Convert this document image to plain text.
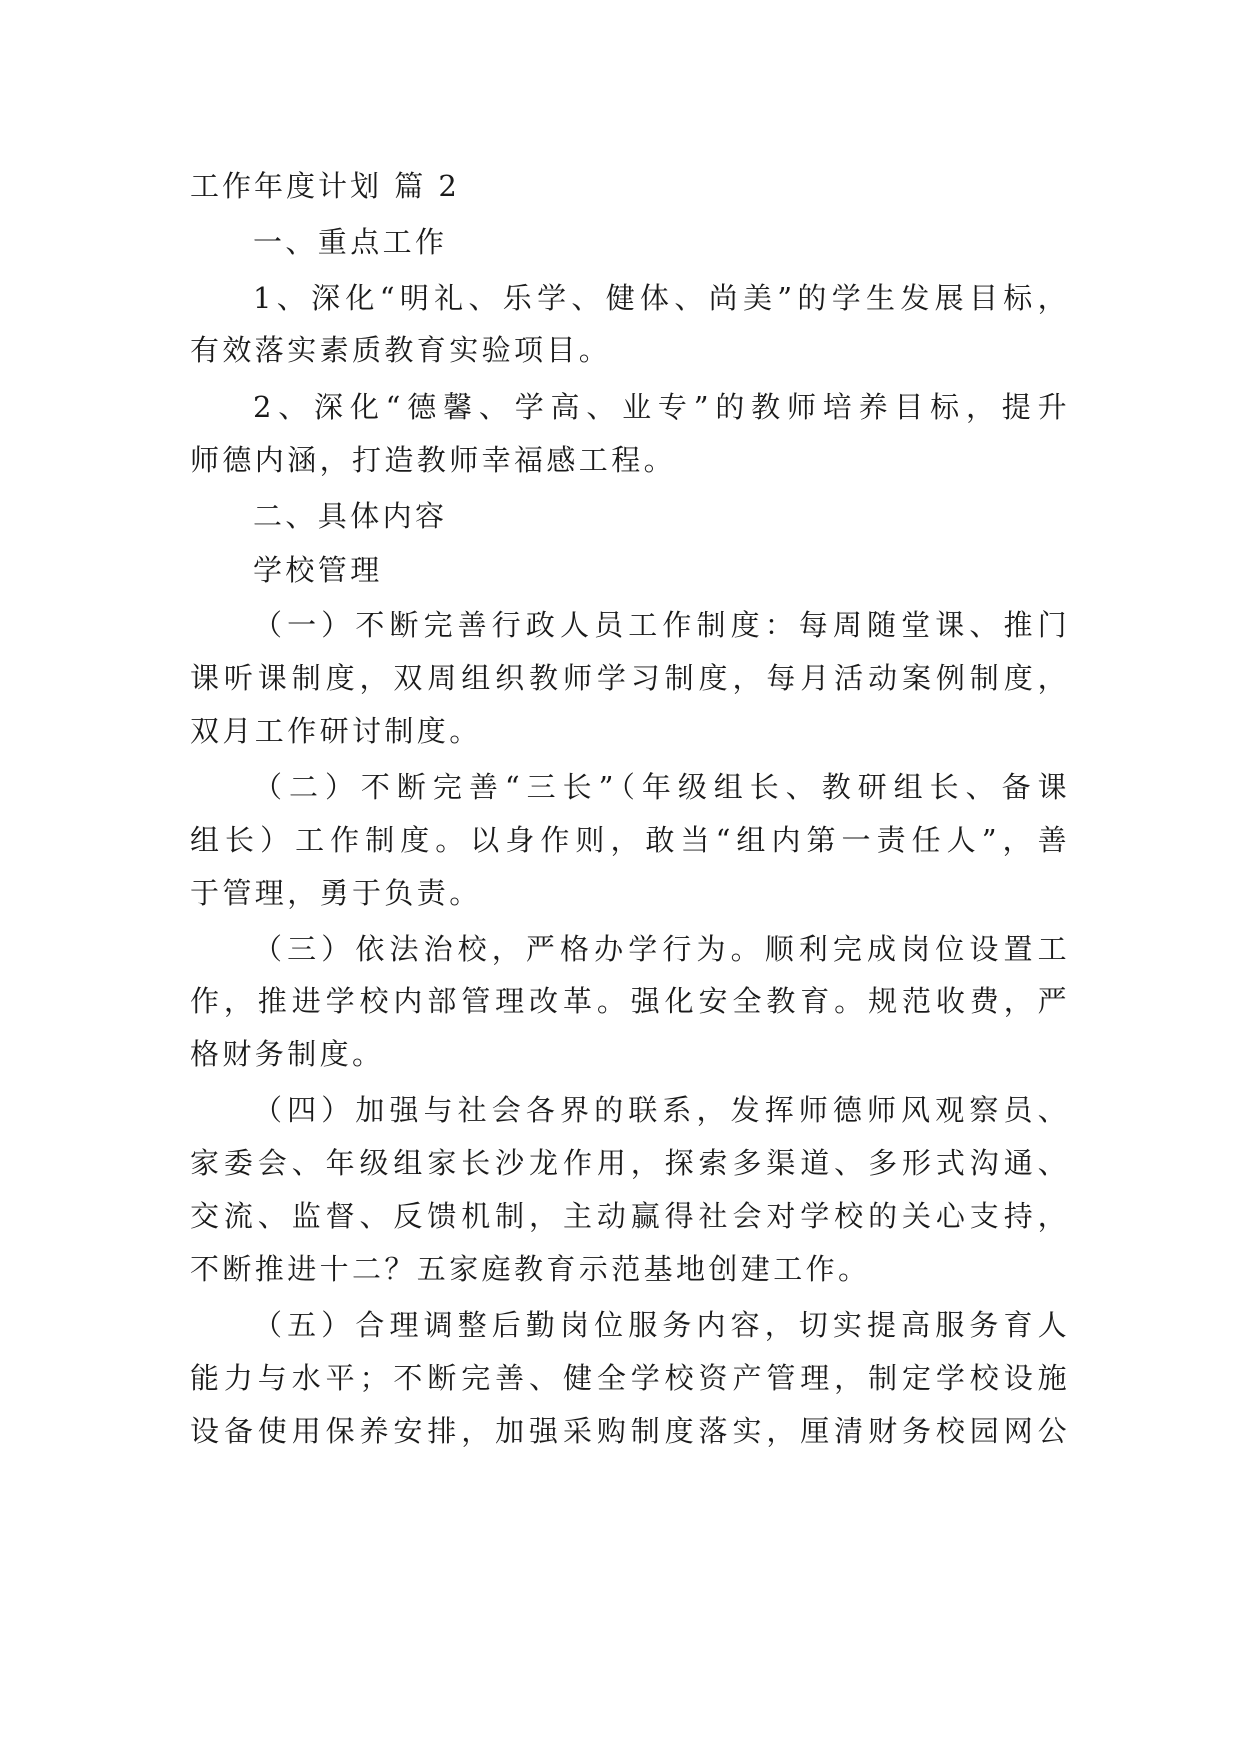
工作年度计划 篇 2
一、重点工作
1、深化“明礼、乐学、健体、尚美”的学生发展目标，
有效落实素质教育实验项目。
2、深化“德馨、学高、业专”的教师培养目标，提升
师德内涵，打造教师幸福感工程。
二、具体内容
学校管理
（一）不断完善行政人员工作制度：每周随堂课、推门
课听课制度，双周组织教师学习制度，每月活动案例制度，
双月工作研讨制度。
（二）不断完善“三长”（年级组长、教研组长、备课
组长）工作制度。以身作则，敢当“组内第一责任人”，善
于管理，勇于负责。
（三）依法治校，严格办学行为。顺利完成岗位设置工
作，推进学校内部管理改革。强化安全教育。规范收费，严
格财务制度。
（四）加强与社会各界的联系，发挥师德师风观察员、
家委会、年级组家长沙龙作用，探索多渠道、多形式沟通、
交流、监督、反馈机制，主动赢得社会对学校的关心支持，
不断推进十二？五家庭教育示范基地创建工作。
（五）合理调整后勤岗位服务内容，切实提高服务育人
能力与水平；不断完善、健全学校资产管理，制定学校设施
设备使用保养安排，加强采购制度落实，厘清财务校园网公
